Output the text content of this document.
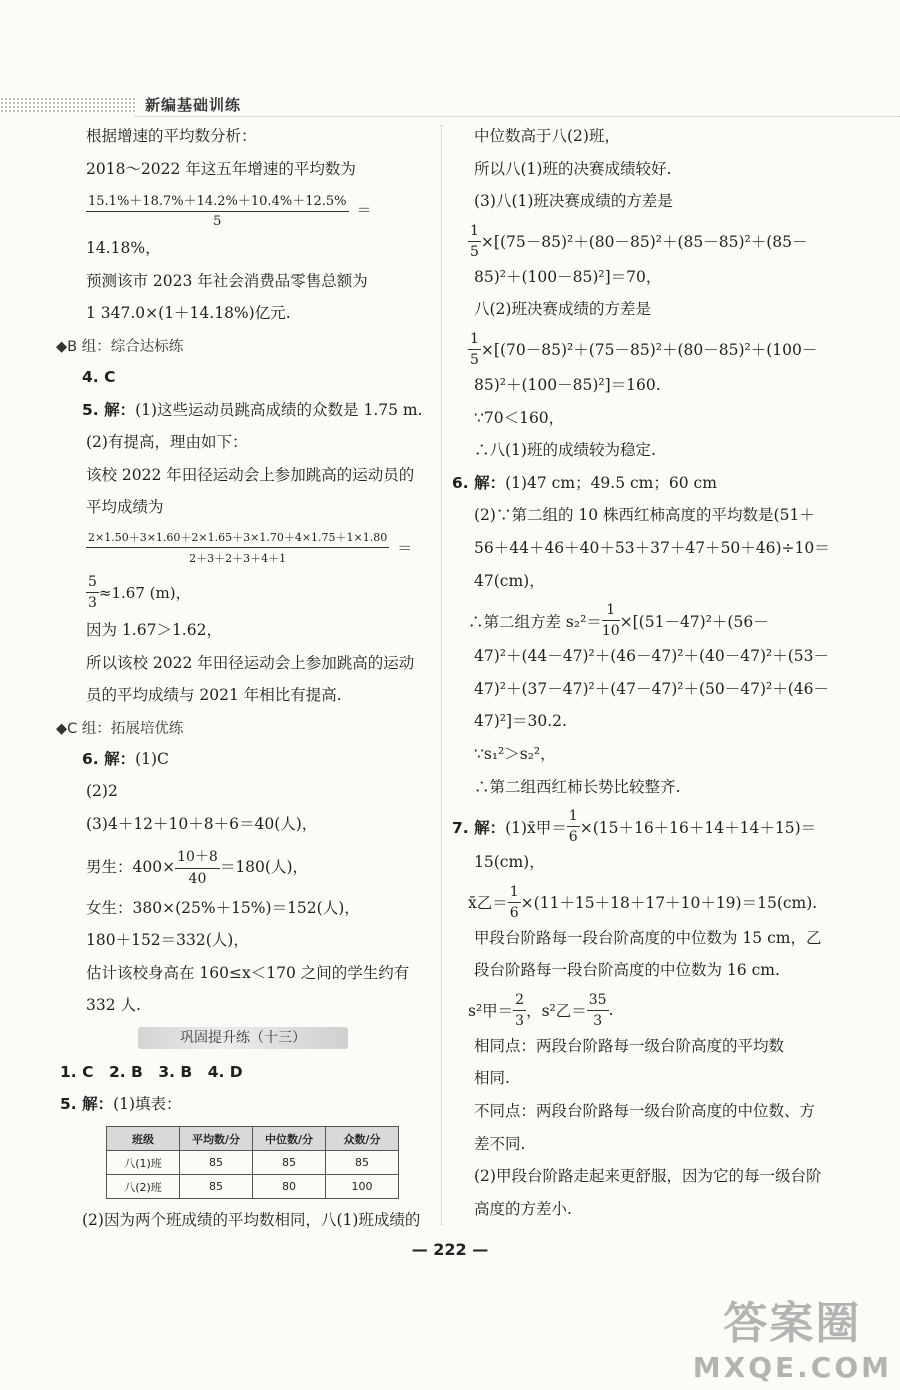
新编基础训练
根据增速的平均数分析：
2018～2022 年这五年增速的平均数为
$\frac{15.1\%+18.7\%+14.2\%+10.4\%+12.5\%}{5}$ ＝
14.18%，
预测该市 2023 年社会消费品零售总额为
1 347.0×(1＋14.18%)亿元.
◆B 组：综合达标练
4. C
5. 解：(1)这些运动员跳高成绩的众数是 1.75 m.
(2)有提高，理由如下：
该校 2022 年田径运动会上参加跳高的运动员的
平均成绩为
$\frac{2\times 1.50+3\times 1.60+2\times 1.65+3\times 1.70+4\times 1.75+1\times 1.80}{2+3+2+3+4+1}$ ＝
$\frac{5}{3} \approx 1.67$ (m)，
因为 1.67＞1.62，
所以该校 2022 年田径运动会上参加跳高的运动
员的平均成绩与 2021 年相比有提高.
◆C 组：拓展培优练
6. 解：(1)C
(2)2
(3)4＋12＋10＋8＋6＝40(人)，
男生：$400\times \frac{10+8}{40} =180$(人)，
女生：380×(25%＋15%)＝152(人)，
180＋152＝332(人)，
估计该校身高在 160≤x＜170 之间的学生约有
332 人.
巩固提升练（十三）
1. C　2. B　3. B　4. D
5. 解：(1)填表：
班级	平均数/分	中位数/分	众数/分
八(1)班	85	85	85
八(2)班	85	80	100
(2)因为两个班成绩的平均数相同，八(1)班成绩的
中位数高于八(2)班，
所以八(1)班的决赛成绩较好.
(3)八(1)班决赛成绩的方差是
$\frac{1}{5} \times[(75-85)^2+(80-85)^2+(85-85)^2+(85-$
85)²＋(100－85)²]＝70，
八(2)班决赛成绩的方差是
$\frac{1}{5} \times[(70-85)^2+(75-85)^2+(80-85)^2+(100-$
85)²＋(100－85)²]＝160.
∵70＜160，
∴八(1)班的成绩较为稳定.
6. 解：(1)47 cm；49.5 cm；60 cm
(2)∵第二组的 10 株西红柿高度的平均数是(51＋
56＋44＋46＋40＋53＋37＋47＋50＋46)÷10＝
47(cm)，
∴第二组方差 $s_2^2= \frac{1}{10} \times[(51-47)^2+(56-$
47)²＋(44－47)²＋(46－47)²＋(40－47)²＋(53－
47)²＋(37－47)²＋(47－47)²＋(50－47)²＋(46－
47)²]＝30.2.
∵s₁²＞s₂²，
∴第二组西红柿长势比较整齐.
7. 解： (1)x̄甲＝ $\frac{1}{6} \times(15+16+16+14+14+15)=$
15(cm)，
x̄乙＝ $\frac{1}{6} \times(11+15+18+17+10+19)=15(cm)$.
甲段台阶路每一段台阶高度的中位数为 15 cm，乙
段台阶路每一段台阶高度的中位数为 16 cm.
s²甲＝ $\frac{2}{3}$ ，s²乙＝ $\frac{35}{3}$ .
相同点：两段台阶路每一级台阶高度的平均数
相同.
不同点：两段台阶路每一级台阶高度的中位数、方
差不同.
(2)甲段台阶路走起来更舒服，因为它的每一级台阶
高度的方差小.
— 222 —
答案圈
MXQE.COM
